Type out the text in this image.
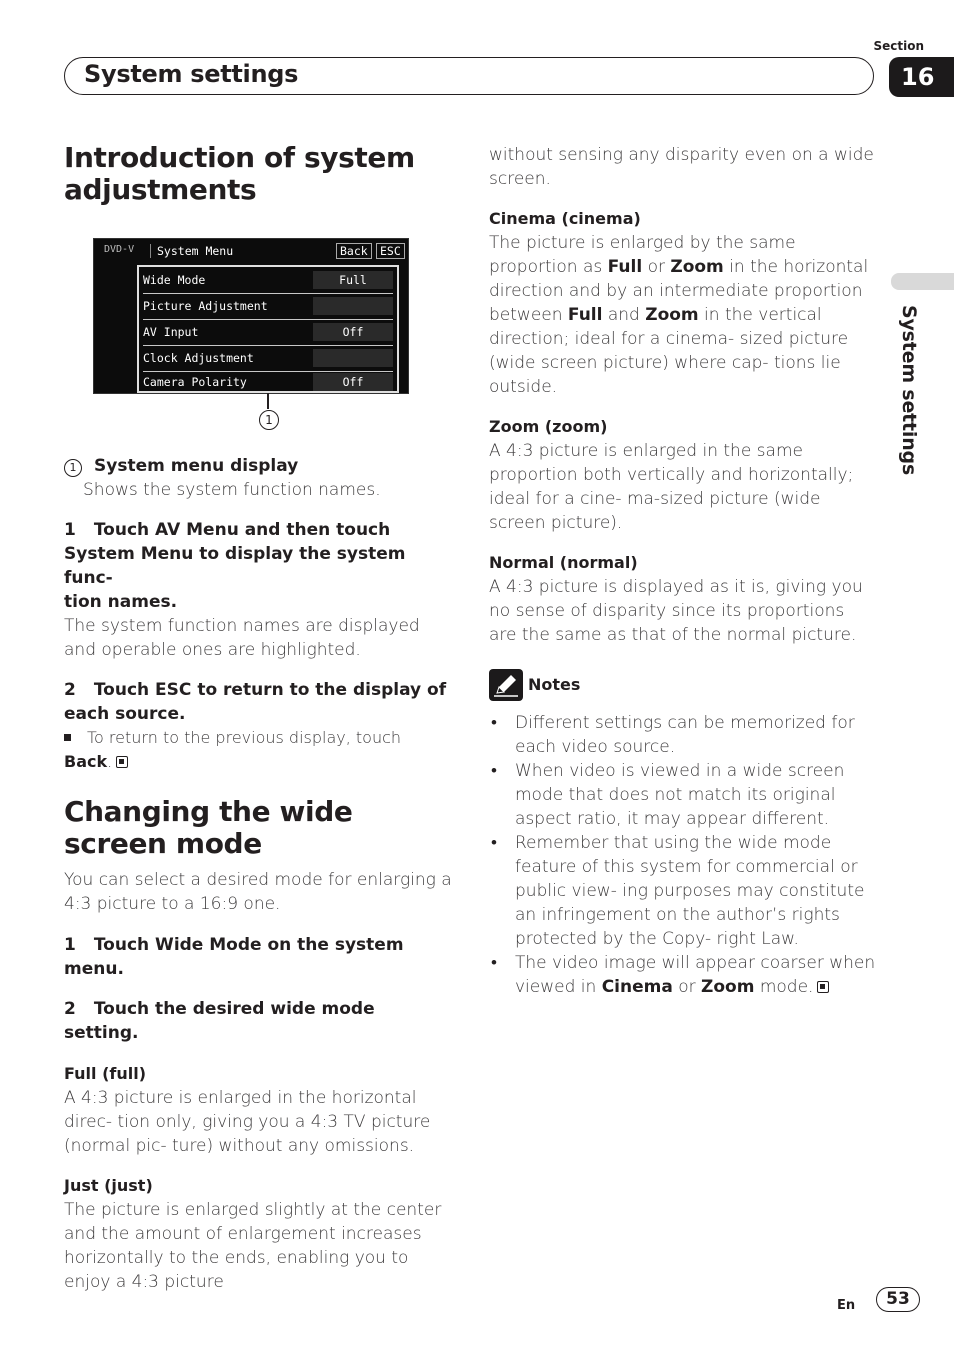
Section
System settings	16
System settings
Introduction of system adjustments
DVD-V	System Menu	Back	ESC
Wide Mode	Full
Picture Adjustment
AV Input	Off
Clock Adjustment
Camera Polarity	Off
1

1 System menu display

Shows the system function names.

1 Touch AV Menu and then touch
System Menu to display the system func-
tion names.

The system function names are displayed and operable ones are highlighted.

2 Touch ESC to return to the display of
each source.

To return to the previous display, touch
Back.

Changing the wide screen mode

You can select a desired mode for enlarging a 4:3 picture to a 16:9 one.

1 Touch Wide Mode on the system menu.

2 Touch the desired wide mode setting.

Full (full)

A 4:3 picture is enlarged in the horizontal direc- tion only, giving you a 4:3 TV picture (normal pic- ture) without any omissions.

Just (just)

The picture is enlarged slightly at the center and the amount of enlargement increases horizontally to the ends, enabling you to enjoy a 4:3 picture

without sensing any disparity even on a wide screen.

Cinema (cinema)

The picture is enlarged by the same proportion as Full or Zoom in the horizontal direction and by an intermediate proportion between Full and Zoom in the vertical direction; ideal for a cinema- sized picture (wide screen picture) where cap- tions lie outside.

Zoom (zoom)

A 4:3 picture is enlarged in the same proportion both vertically and horizontally; ideal for a cine- ma-sized picture (wide screen picture).

Normal (normal)

A 4:3 picture is displayed as it is, giving you no sense of disparity since its proportions are the same as that of the normal picture.

Notes
• Different settings can be memorized for each video source.
• When video is viewed in a wide screen mode that does not match its original aspect ratio, it may appear different.
• Remember that using the wide mode feature of this system for commercial or public view- ing purposes may constitute an infringement on the author’s rights protected by the Copy- right Law.
• The video image will appear coarser when viewed in Cinema or Zoom mode.
En	53
